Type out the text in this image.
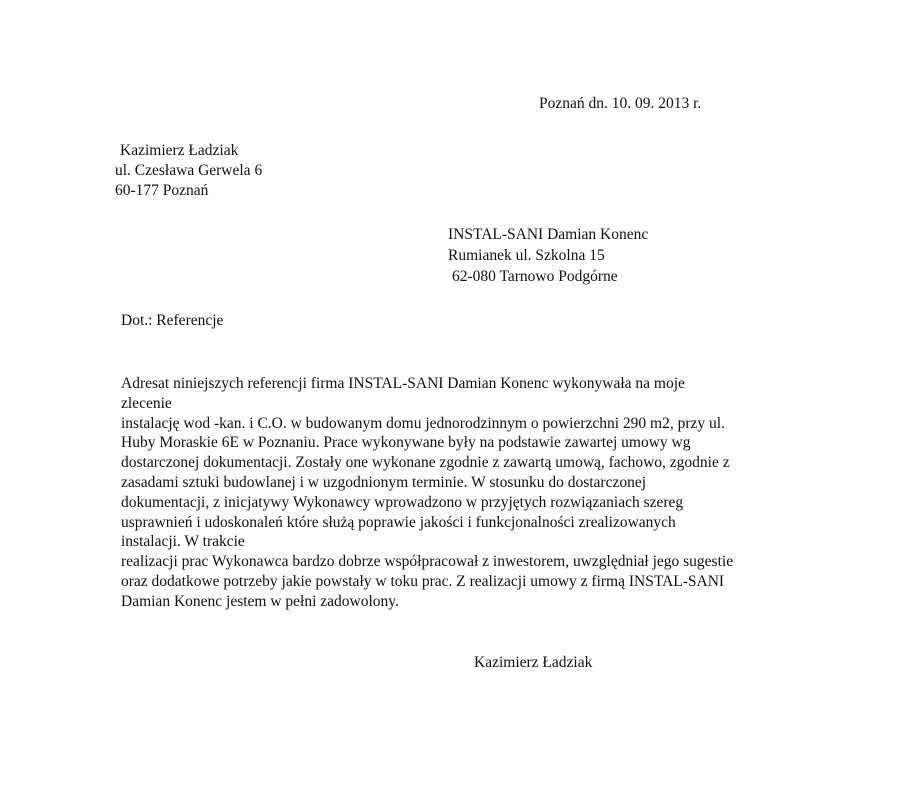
Poznań dn. 10. 09. 2013 r.
Kazimierz Ładziak
ul. Czesława Gerwela 6
60-177 Poznań
INSTAL-SANI Damian Konenc
Rumianek ul. Szkolna 15
62-080 Tarnowo Podgórne
Dot.: Referencje
Adresat niniejszych referencji firma INSTAL-SANI Damian Konenc wykonywała na moje
zlecenie
instalację wod -kan. i C.O. w budowanym domu jednorodzinnym o powierzchni 290 m2, przy ul.
Huby Moraskie 6E w Poznaniu. Prace wykonywane były na podstawie zawartej umowy wg
dostarczonej dokumentacji. Zostały one wykonane zgodnie z zawartą umową, fachowo, zgodnie z
zasadami sztuki budowlanej i w uzgodnionym terminie. W stosunku do dostarczonej
dokumentacji, z inicjatywy Wykonawcy wprowadzono w przyjętych rozwiązaniach szereg
usprawnień i udoskonaleń które służą poprawie jakości i funkcjonalności zrealizowanych
instalacji. W trakcie
realizacji prac Wykonawca bardzo dobrze współpracował z inwestorem, uwzględniał jego sugestie
oraz dodatkowe potrzeby jakie powstały w toku prac. Z realizacji umowy z firmą INSTAL-SANI
Damian Konenc jestem w pełni zadowolony.
Kazimierz Ładziak
